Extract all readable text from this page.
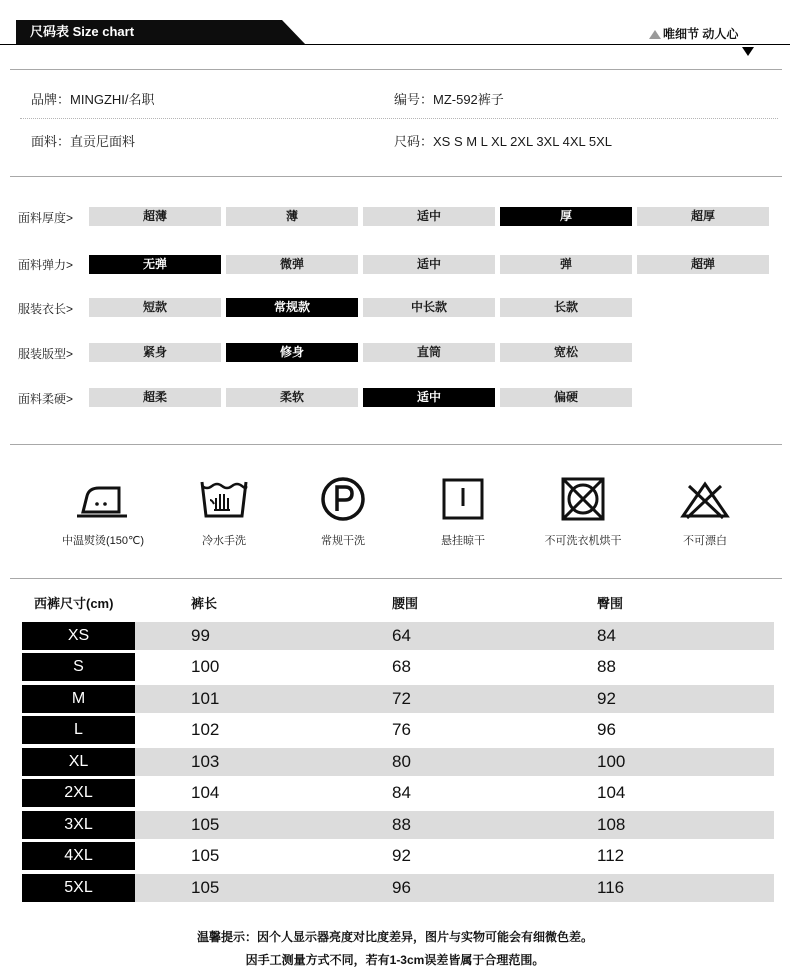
尺码表 Size chart	唯细节 动人心
品牌：MINGZHI/名职	编号：MZ-592裤子
面料：直贡尼面料	尺码：XS S M L XL 2XL 3XL 4XL 5XL
面料厚度>	超薄	薄	适中	厚	超厚
面料弹力>	无弹	微弹	适中	弹	超弹
服装衣长>	短款	常规款	中长款	长款
服装版型>	紧身	修身	直筒	宽松
面料柔硬>	超柔	柔软	适中	偏硬
中温熨烫(150℃)	冷水手洗	常规干洗	悬挂晾干	不可洗衣机烘干	不可漂白
西裤尺寸(cm)	裤长	腰围	臀围
XS	99	64	84
S	100	68	88
M	101	72	92
L	102	76	96
XL	103	80	100
2XL	104	84	104
3XL	105	88	108
4XL	105	92	112
5XL	105	96	116
温馨提示：因个人显示器亮度对比度差异，图片与实物可能会有细微色差。
因手工测量方式不同，若有1-3cm误差皆属于合理范围。
